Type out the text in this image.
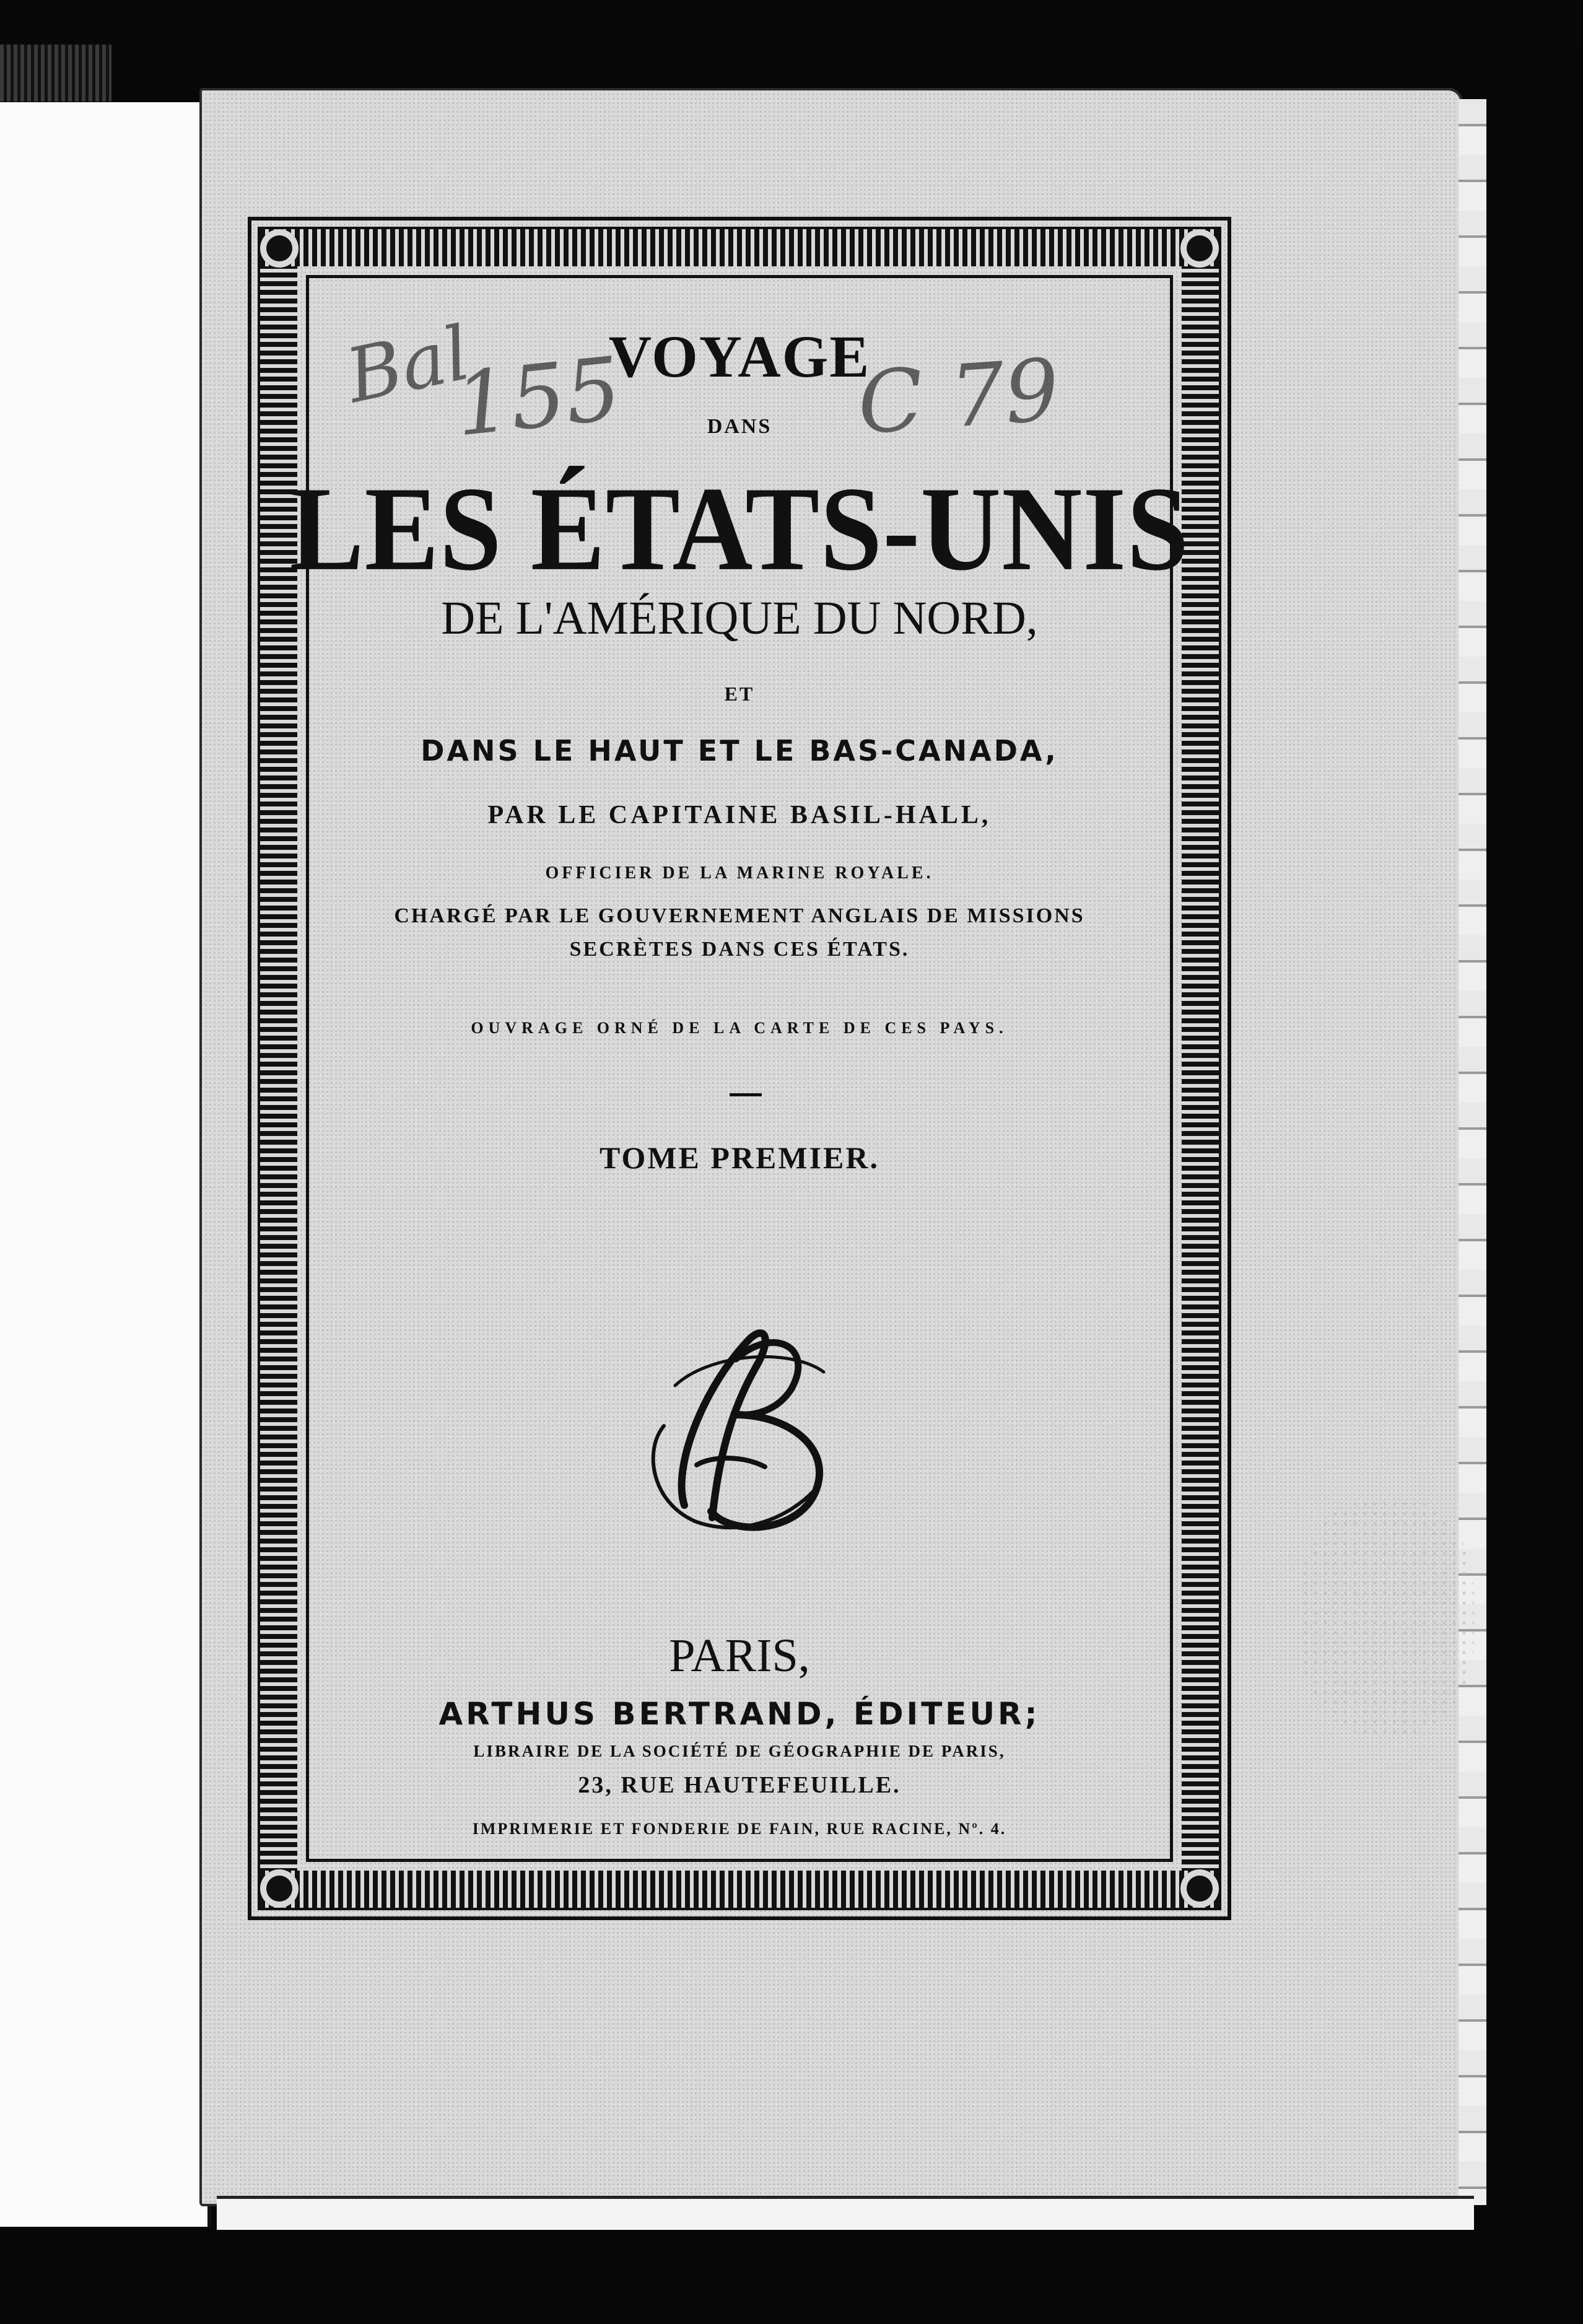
Bal
155	C 79
VOYAGE
DANS
LES ÉTATS-UNIS
DE L'AMÉRIQUE DU NORD,
ET
DANS LE HAUT ET LE BAS-CANADA,
PAR LE CAPITAINE BASIL-HALL,
OFFICIER DE LA MARINE ROYALE.
CHARGÉ PAR LE GOUVERNEMENT ANGLAIS DE MISSIONS
SECRÈTES DANS CES ÉTATS.
OUVRAGE ORNÉ DE LA CARTE DE CES PAYS.
TOME PREMIER.
PARIS,
ARTHUS BERTRAND, ÉDITEUR;
LIBRAIRE DE LA SOCIÉTÉ DE GÉOGRAPHIE DE PARIS,
23, RUE HAUTEFEUILLE.
IMPRIMERIE ET FONDERIE DE FAIN, RUE RACINE, Nº. 4.
